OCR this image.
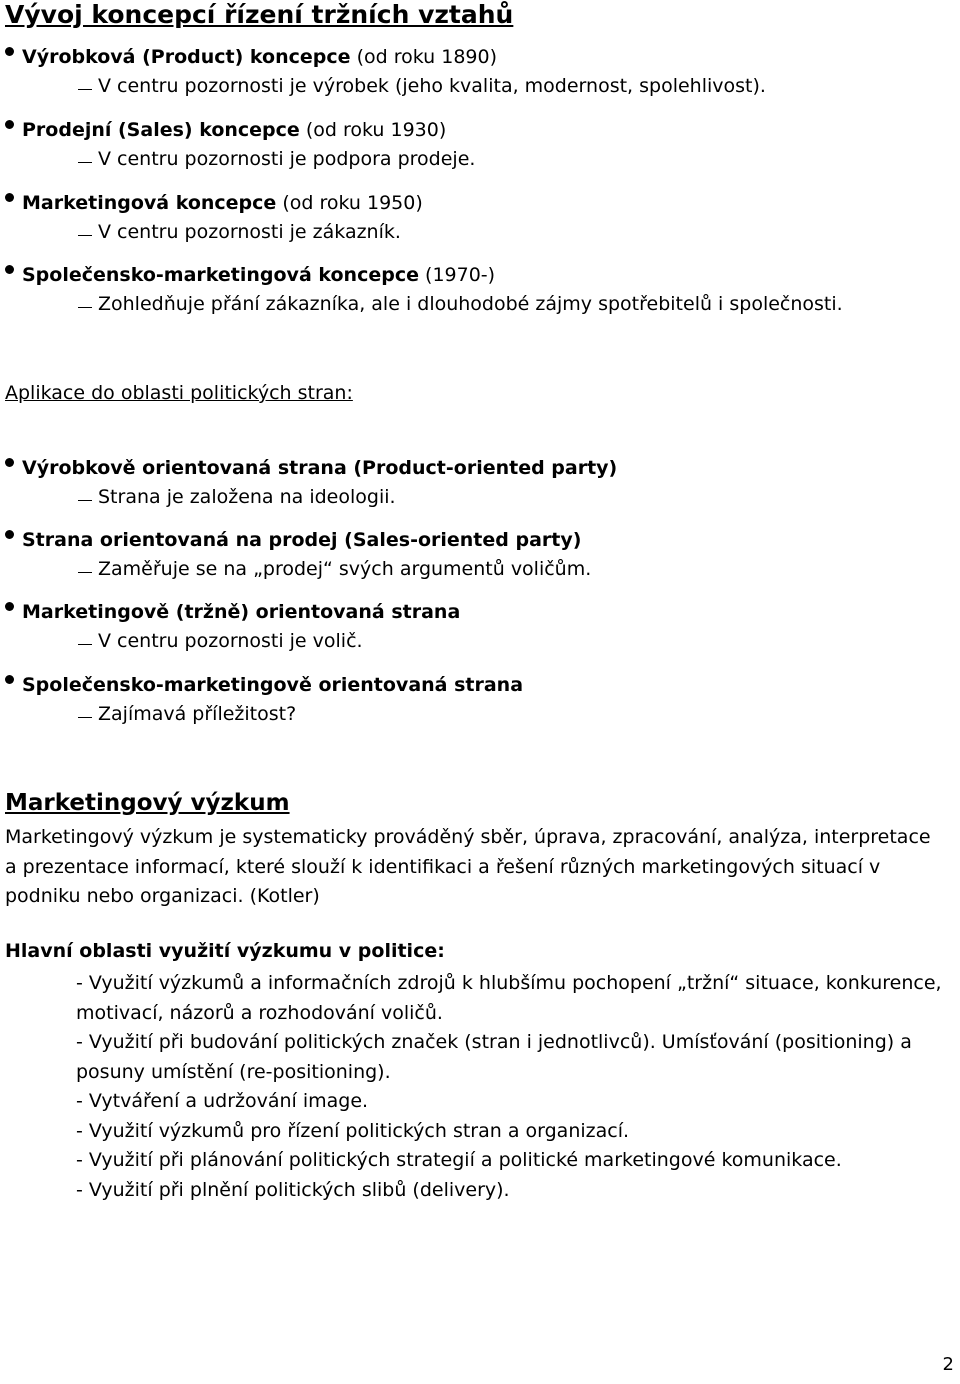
Vývoj koncepcí řízení tržních vztahů
Výrobková (Product) koncepce (od roku 1890)
V centru pozornosti je výrobek (jeho kvalita, modernost, spolehlivost).
Prodejní (Sales) koncepce (od roku 1930)
V centru pozornosti je podpora prodeje.
Marketingová koncepce (od roku 1950)
V centru pozornosti je zákazník.
Společensko-marketingová koncepce (1970-)
Zohledňuje přání zákazníka, ale i dlouhodobé zájmy spotřebitelů i společnosti.
Aplikace do oblasti politických stran:
Výrobkově orientovaná strana (Product-oriented party)
Strana je založena na ideologii.
Strana orientovaná na prodej (Sales-oriented party)
Zaměřuje se na „prodej“ svých argumentů voličům.
Marketingově (tržně) orientovaná strana
V centru pozornosti je volič.
Společensko-marketingově orientovaná strana
Zajímavá příležitost?
Marketingový výzkum
Marketingový výzkum je systematicky prováděný sběr, úprava, zpracování, analýza, interpretace a prezentace informací, které slouží k identifikaci a řešení různých marketingových situací v podniku nebo organizaci. (Kotler)
Hlavní oblasti využití výzkumu v politice:
- Využití výzkumů a informačních zdrojů k hlubšímu pochopení „tržní“ situace, konkurence, motivací, názorů a rozhodování voličů.
- Využití při budování politických značek (stran i jednotlivců). Umísťování (positioning) a posuny umístění (re-positioning).
- Vytváření a udržování image.
- Využití výzkumů pro řízení politických stran a organizací.
- Využití při plánování politických strategií a politické marketingové komunikace.
- Využití při plnění politických slibů (delivery).
2
